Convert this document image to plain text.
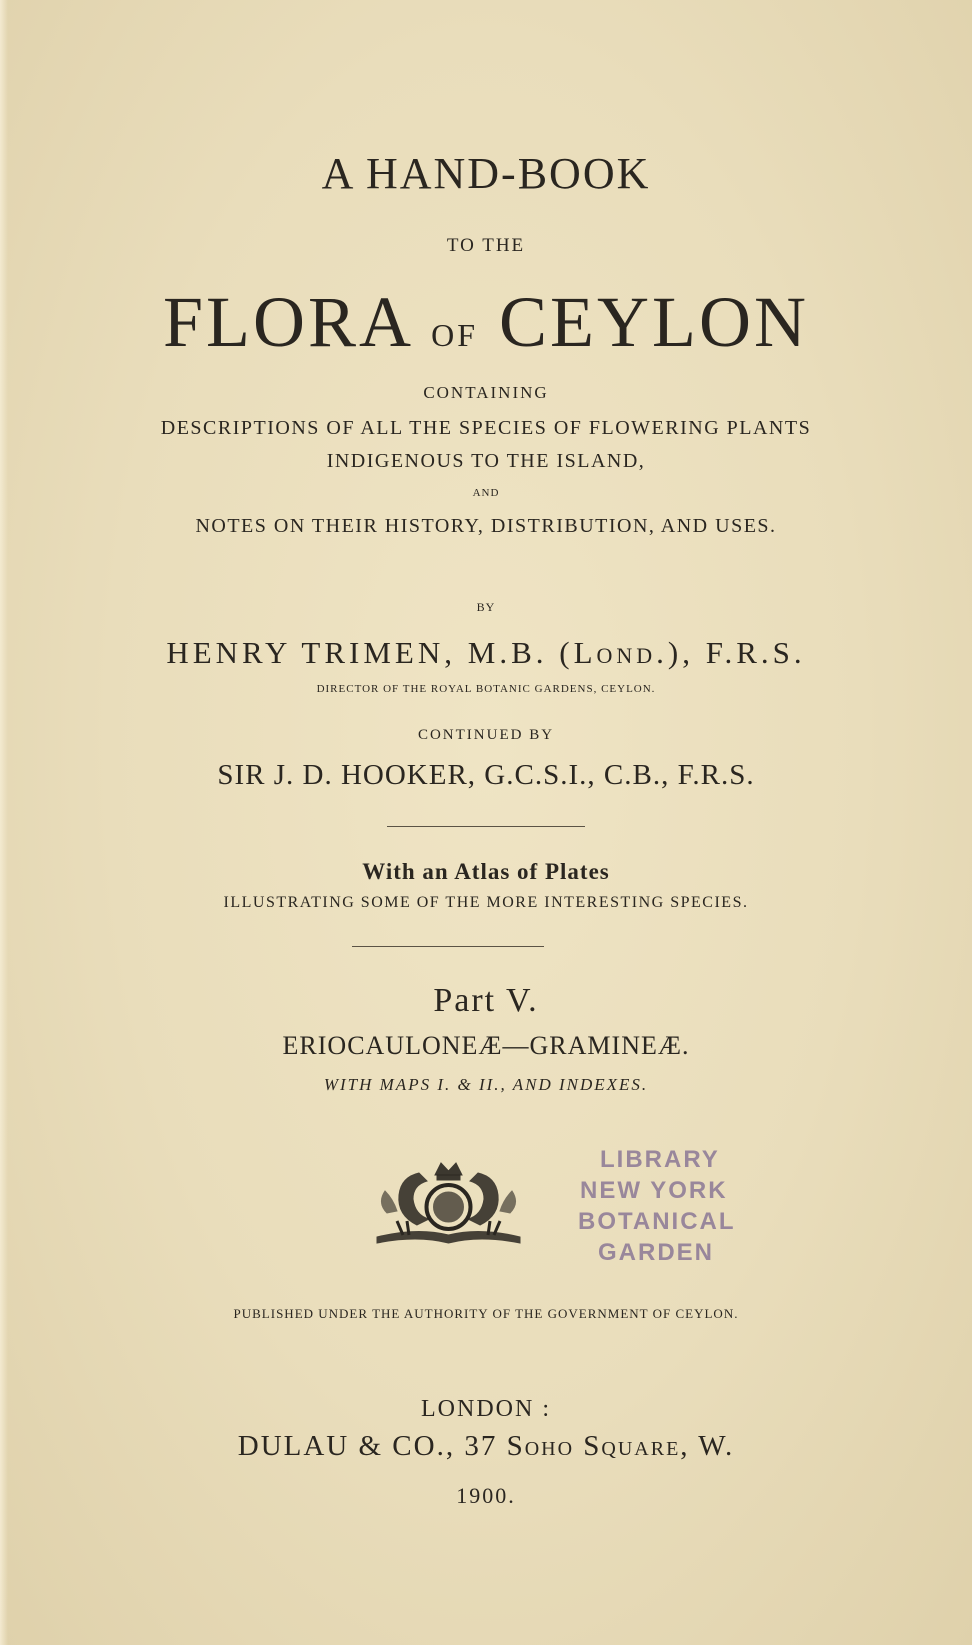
A HAND-BOOK
TO THE
FLORA of CEYLON
CONTAINING
DESCRIPTIONS OF ALL THE SPECIES OF FLOWERING PLANTS
INDIGENOUS TO THE ISLAND,
AND
NOTES ON THEIR HISTORY, DISTRIBUTION, AND USES.
BY
HENRY TRIMEN, M.B. (Lond.), F.R.S.
DIRECTOR OF THE ROYAL BOTANIC GARDENS, CEYLON.
CONTINUED BY
SIR J. D. HOOKER, G.C.S.I., C.B., F.R.S.
With an Atlas of Plates
ILLUSTRATING SOME OF THE MORE INTERESTING SPECIES.
Part V.
ERIOCAULONEÆ—GRAMINEÆ.
WITH MAPS I. & II., AND INDEXES.
LIBRARY
NEW YORK
BOTANICAL
GARDEN
PUBLISHED UNDER THE AUTHORITY OF THE GOVERNMENT OF CEYLON.
LONDON :
DULAU & CO., 37 Soho Square, W.
1900.
